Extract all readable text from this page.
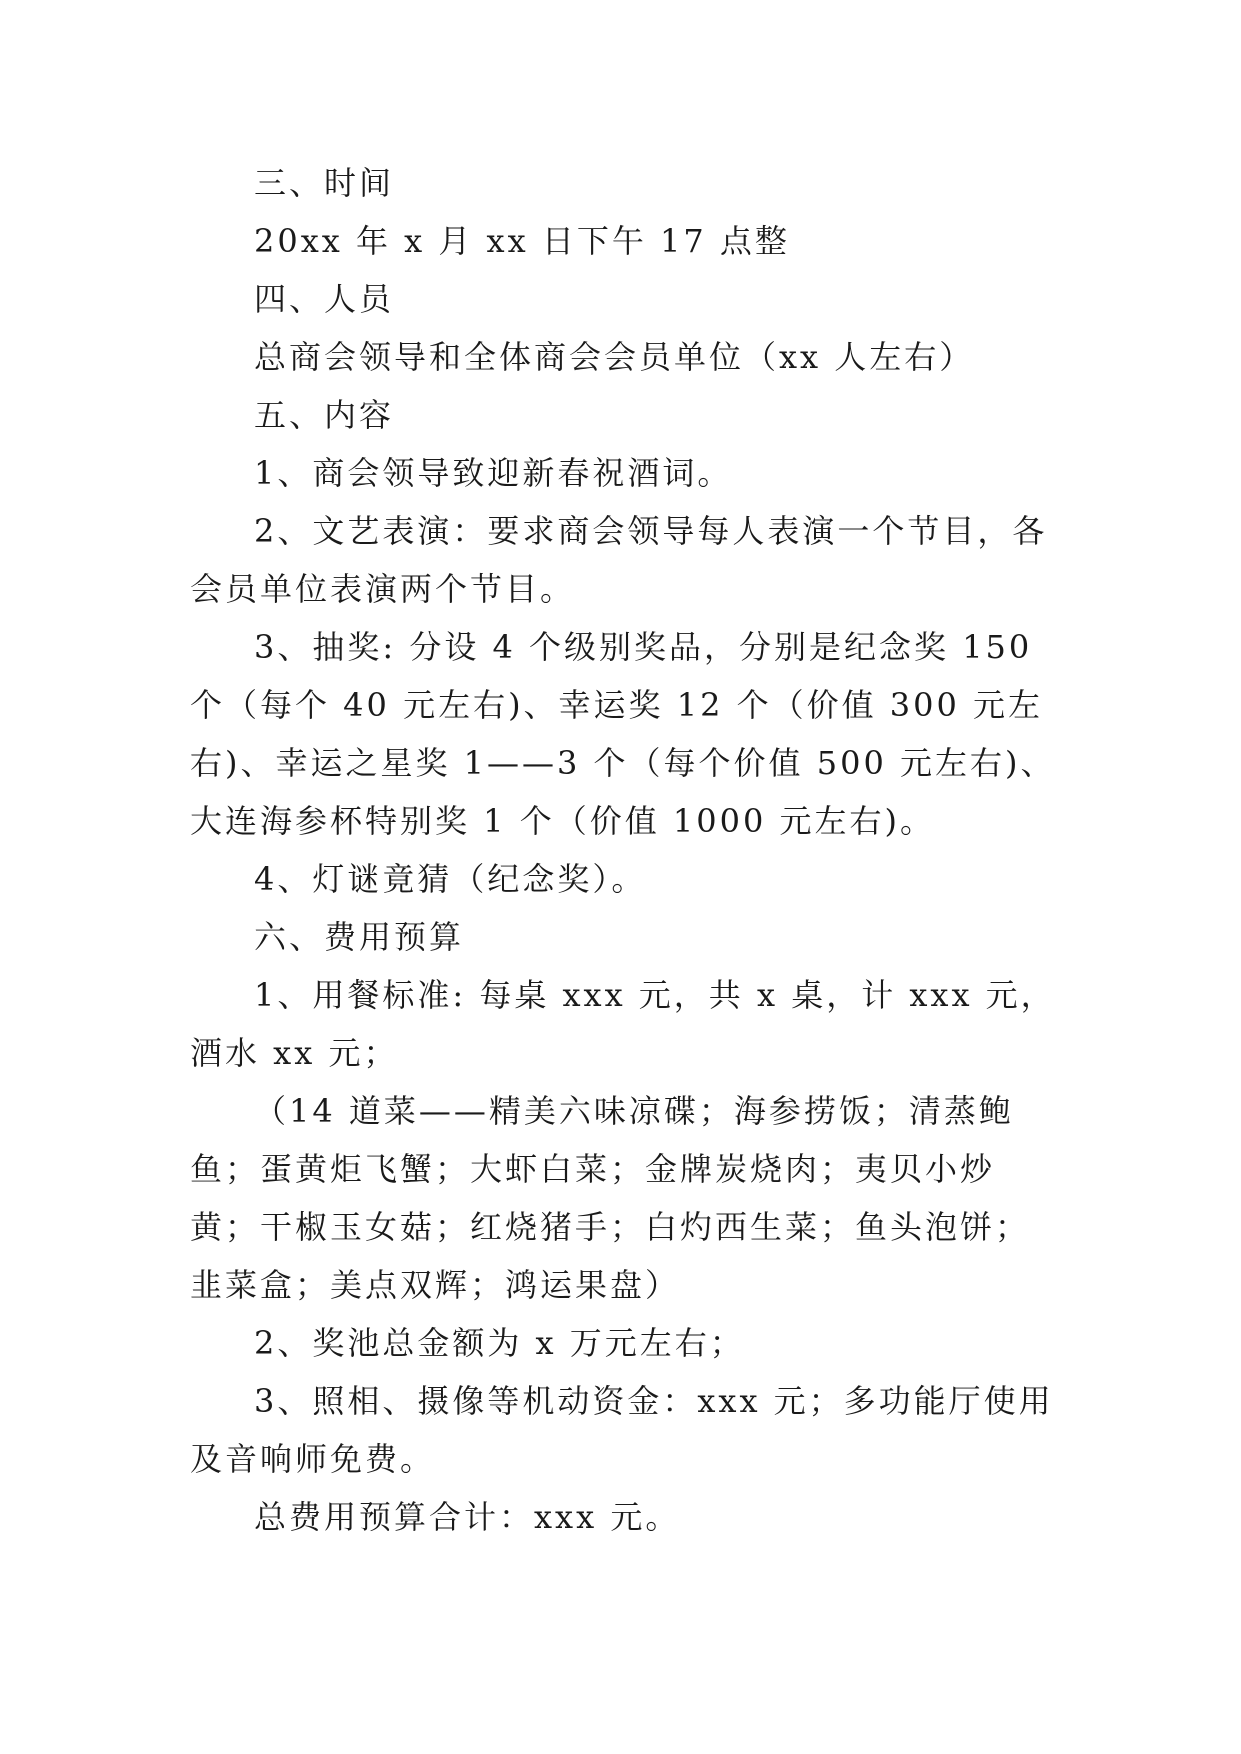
三、时间

20xx 年 x 月 xx 日下午 17 点整

四、人员

总商会领导和全体商会会员单位（xx 人左右）

五、内容

1、商会领导致迎新春祝酒词。

2、文艺表演：要求商会领导每人表演一个节目，各会员单位表演两个节目。

3、抽奖: 分设 4 个级别奖品，分别是纪念奖 150 个（每个 40 元左右)、幸运奖 12 个（价值 300 元左右)、幸运之星奖 1——3 个（每个价值 500 元左右)、大连海参杯特别奖 1 个（价值 1000 元左右)。

4、灯谜竟猜（纪念奖）。

六、费用预算

1、用餐标准: 每桌 xxx 元，共 x 桌，计 xxx 元，酒水 xx 元；

（14 道菜——精美六味凉碟；海参捞饭；清蒸鲍鱼；蛋黄炬飞蟹；大虾白菜；金牌炭烧肉；夷贝小炒黄；干椒玉女菇；红烧猪手；白灼西生菜；鱼头泡饼；韭菜盒；美点双辉；鸿运果盘）

2、奖池总金额为 x 万元左右；

3、照相、摄像等机动资金：xxx 元；多功能厅使用及音响师免费。

总费用预算合计：xxx 元。
